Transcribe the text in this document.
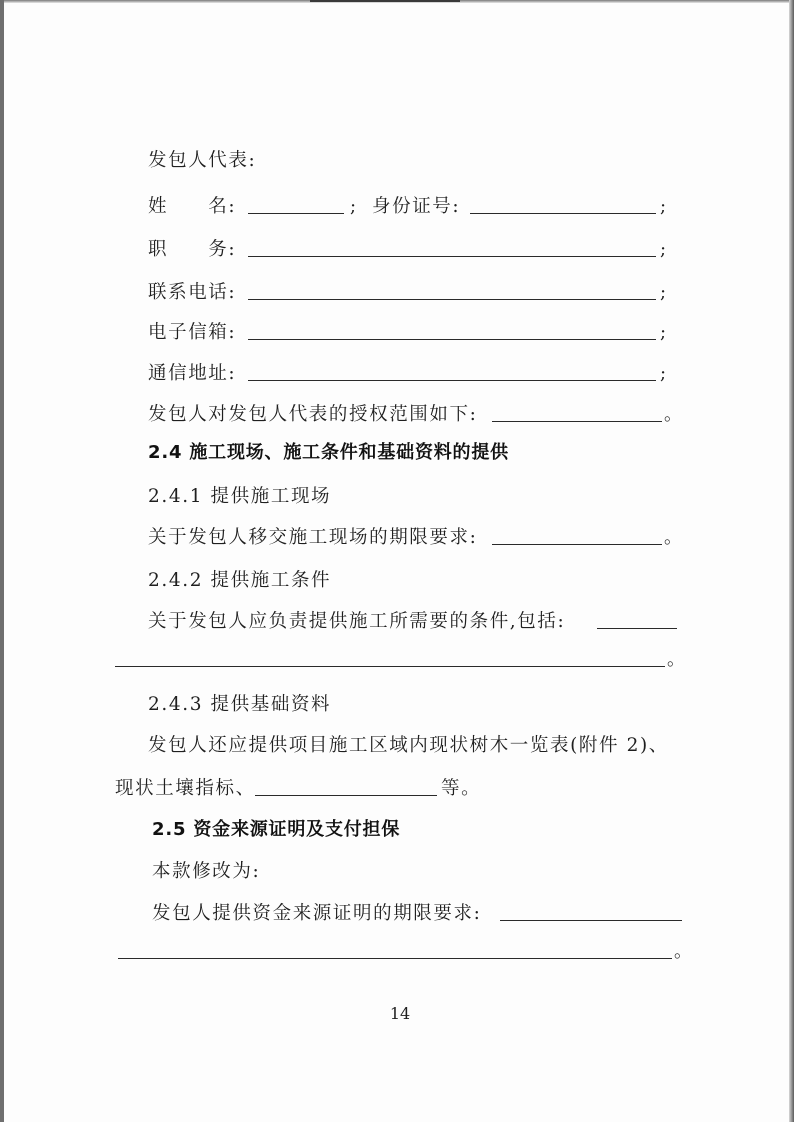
发包人代表:
姓　　名:	; 身份证号:	;
职　　务:	;
联系电话:	;
电子信箱:	;
通信地址:	;
发包人对发包人代表的授权范围如下:	。
2.4 施工现场、施工条件和基础资料的提供
2.4.1 提供施工现场
关于发包人移交施工现场的期限要求:	。
2.4.2 提供施工条件
关于发包人应负责提供施工所需要的条件,包括:
。
2.4.3 提供基础资料
发包人还应提供项目施工区域内现状树木一览表(附件 2)、
现状土壤指标、	等。
2.5 资金来源证明及支付担保
本款修改为:
发包人提供资金来源证明的期限要求:
。
14
